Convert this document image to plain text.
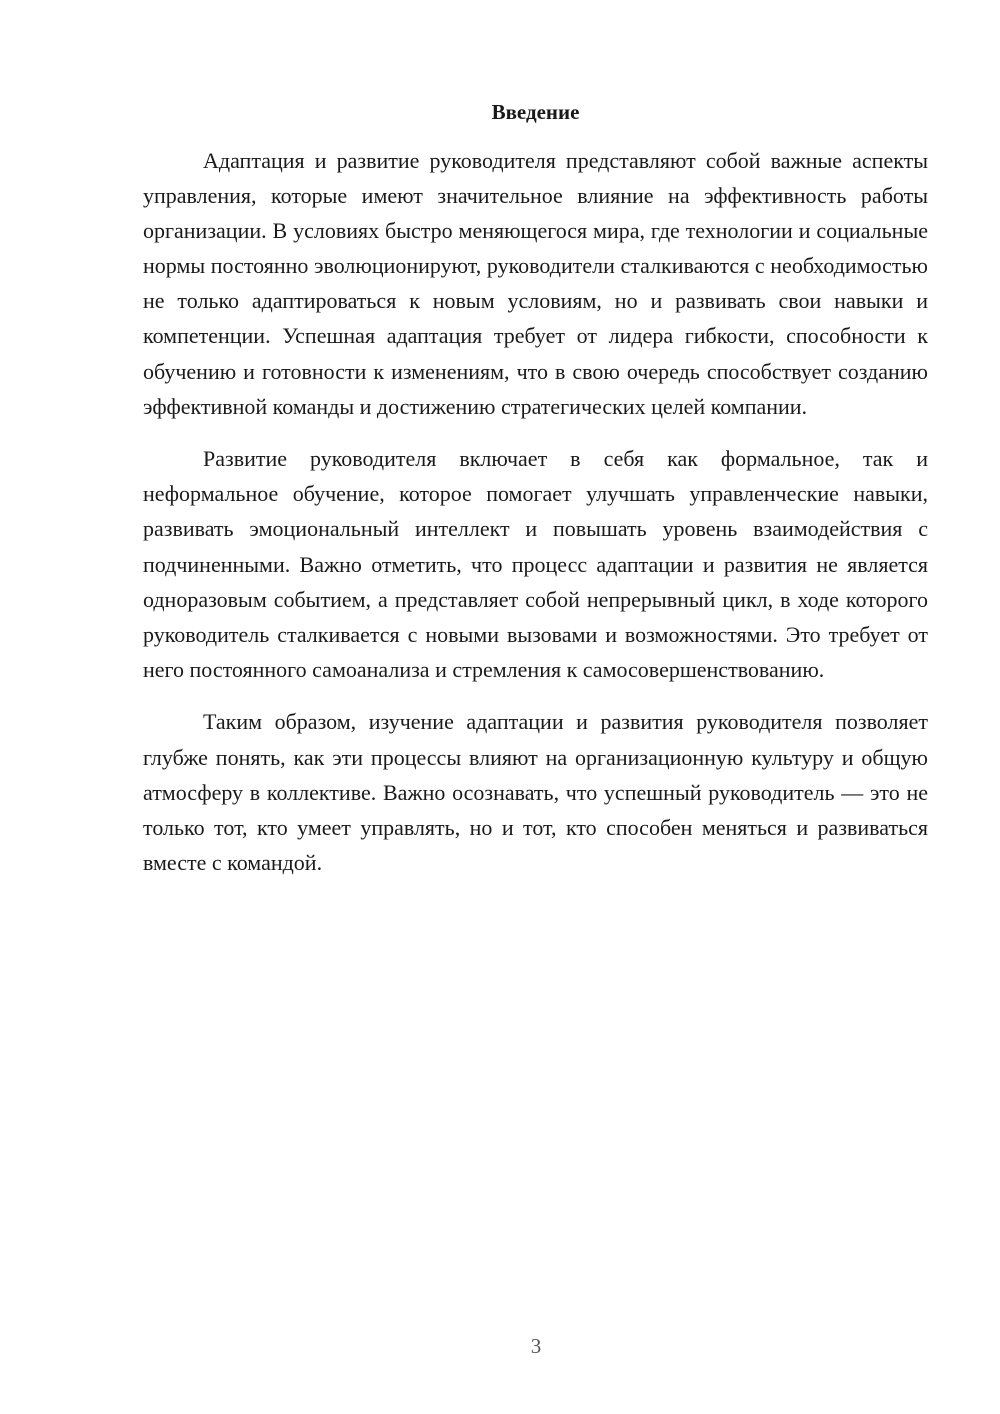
Введение

Адаптация и развитие руководителя представляют собой важные аспекты управления, которые имеют значительное влияние на эффективность работы организации. В условиях быстро меняющегося мира, где технологии и социальные нормы постоянно эволюционируют, руководители сталкиваются с необходимостью не только адаптироваться к новым условиям, но и развивать свои навыки и компетенции. Успешная адаптация требует от лидера гибкости, способности к обучению и готовности к изменениям, что в свою очередь способствует созданию эффективной команды и достижению стратегических целей компании.

Развитие руководителя включает в себя как формальное, так и неформальное обучение, которое помогает улучшать управленческие навыки, развивать эмоциональный интеллект и повышать уровень взаимодействия с подчиненными. Важно отметить, что процесс адаптации и развития не является одноразовым событием, а представляет собой непрерывный цикл, в ходе которого руководитель сталкивается с новыми вызовами и возможностями. Это требует от него постоянного самоанализа и стремления к самосовершенствованию.

Таким образом, изучение адаптации и развития руководителя позволяет глубже понять, как эти процессы влияют на организационную культуру и общую атмосферу в коллективе. Важно осознавать, что успешный руководитель — это не только тот, кто умеет управлять, но и тот, кто способен меняться и развиваться вместе с командой.

3
